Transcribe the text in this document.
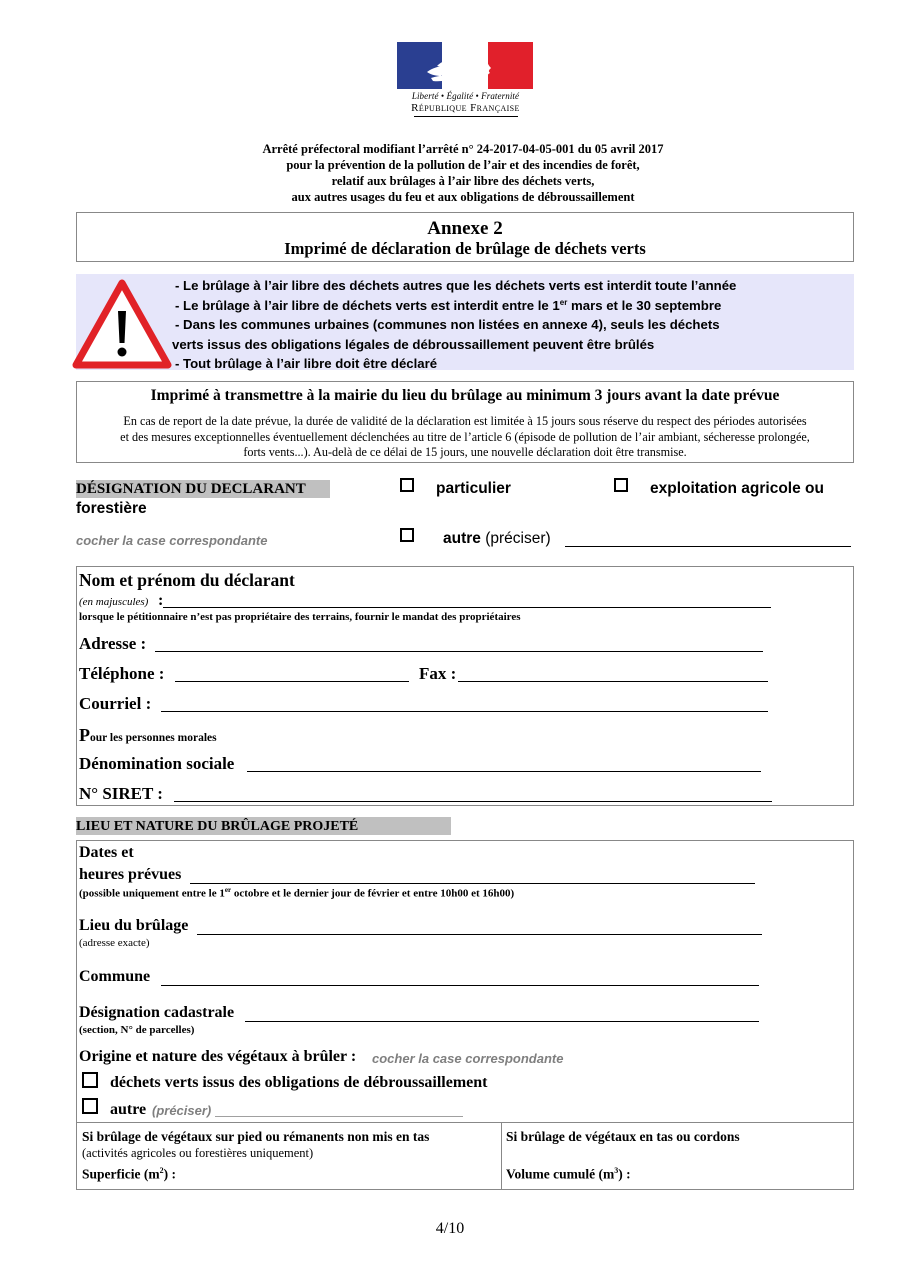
Liberté • Égalité • Fraternité
République Française
Arrêté préfectoral modifiant l’arrêté n° 24-2017-04-05-001 du 05 avril 2017
pour la prévention de la pollution de l’air et des incendies de forêt,
relatif aux brûlages à l’air libre des déchets verts,
aux autres usages du feu et aux obligations de débroussaillement
Annexe 2
Imprimé de déclaration de brûlage de déchets verts
- Le brûlage à l’air libre des déchets autres que les déchets verts est interdit toute l’année
- Le brûlage à l’air libre de déchets verts est interdit entre le 1er mars et le 30 septembre
- Dans les communes urbaines (communes non listées en annexe 4), seuls les déchets
verts issus des obligations légales de débroussaillement peuvent être brûlés
- Tout brûlage à l’air libre doit être déclaré
Imprimé à transmettre à la mairie du lieu du brûlage au minimum 3 jours avant la date prévue
En cas de report de la date prévue, la durée de validité de la déclaration est limitée à 15 jours sous réserve du respect des périodes autorisées
et des mesures exceptionnelles éventuellement déclenchées au titre de l’article 6 (épisode de pollution de l’air ambiant, sécheresse prolongée,
forts vents...). Au-delà de ce délai de 15 jours, une nouvelle déclaration doit être transmise.
DÉSIGNATION DU DECLARANT	particulier	exploitation agricole ou
forestière
cocher la case correspondante	autre (préciser)
Nom et prénom du déclarant
(en majuscules) :
lorsque le pétitionnaire n’est pas propriétaire des terrains, fournir le mandat des propriétaires
Adresse :
Téléphone :	Fax :
Courriel :
Pour les personnes morales
Dénomination sociale
N° SIRET :
LIEU ET NATURE DU BRÛLAGE PROJETÉ
Dates et
heures prévues
(possible uniquement entre le 1er octobre et le dernier jour de février et entre 10h00 et 16h00)
Lieu du brûlage
(adresse exacte)
Commune
Désignation cadastrale
(section, N° de parcelles)
Origine et nature des végétaux à brûler : cocher la case correspondante
déchets verts issus des obligations de débroussaillement
autre (préciser)
Si brûlage de végétaux sur pied ou rémanents non mis en tas
(activités agricoles ou forestières uniquement)
Superficie $(m^2)$ :
Si brûlage de végétaux en tas ou cordons
Volume cumulé $(m^3)$ :
4/10
